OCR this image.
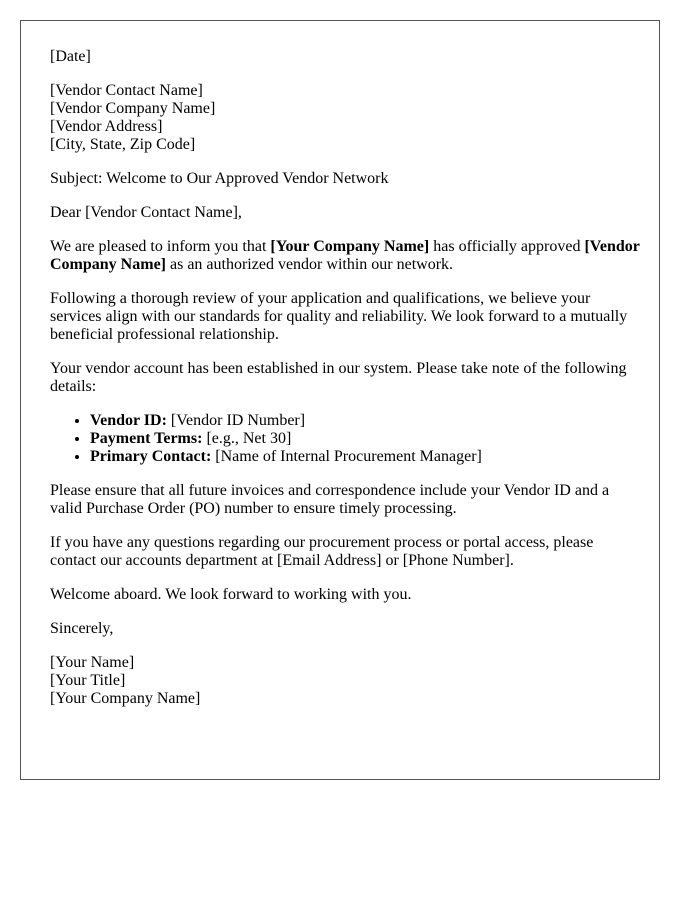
[Date]

[Vendor Contact Name]
[Vendor Company Name]
[Vendor Address]
[City, State, Zip Code]

Subject: Welcome to Our Approved Vendor Network

Dear [Vendor Contact Name],

We are pleased to inform you that [Your Company Name] has officially approved [Vendor Company Name] as an authorized vendor within our network.

Following a thorough review of your application and qualifications, we believe your services align with our standards for quality and reliability. We look forward to a mutually beneficial professional relationship.

Your vendor account has been established in our system. Please take note of the following details:

• Vendor ID: [Vendor ID Number]
• Payment Terms: [e.g., Net 30]
• Primary Contact: [Name of Internal Procurement Manager]

Please ensure that all future invoices and correspondence include your Vendor ID and a valid Purchase Order (PO) number to ensure timely processing.

If you have any questions regarding our procurement process or portal access, please contact our accounts department at [Email Address] or [Phone Number].

Welcome aboard. We look forward to working with you.

Sincerely,

[Your Name]
[Your Title]
[Your Company Name]
